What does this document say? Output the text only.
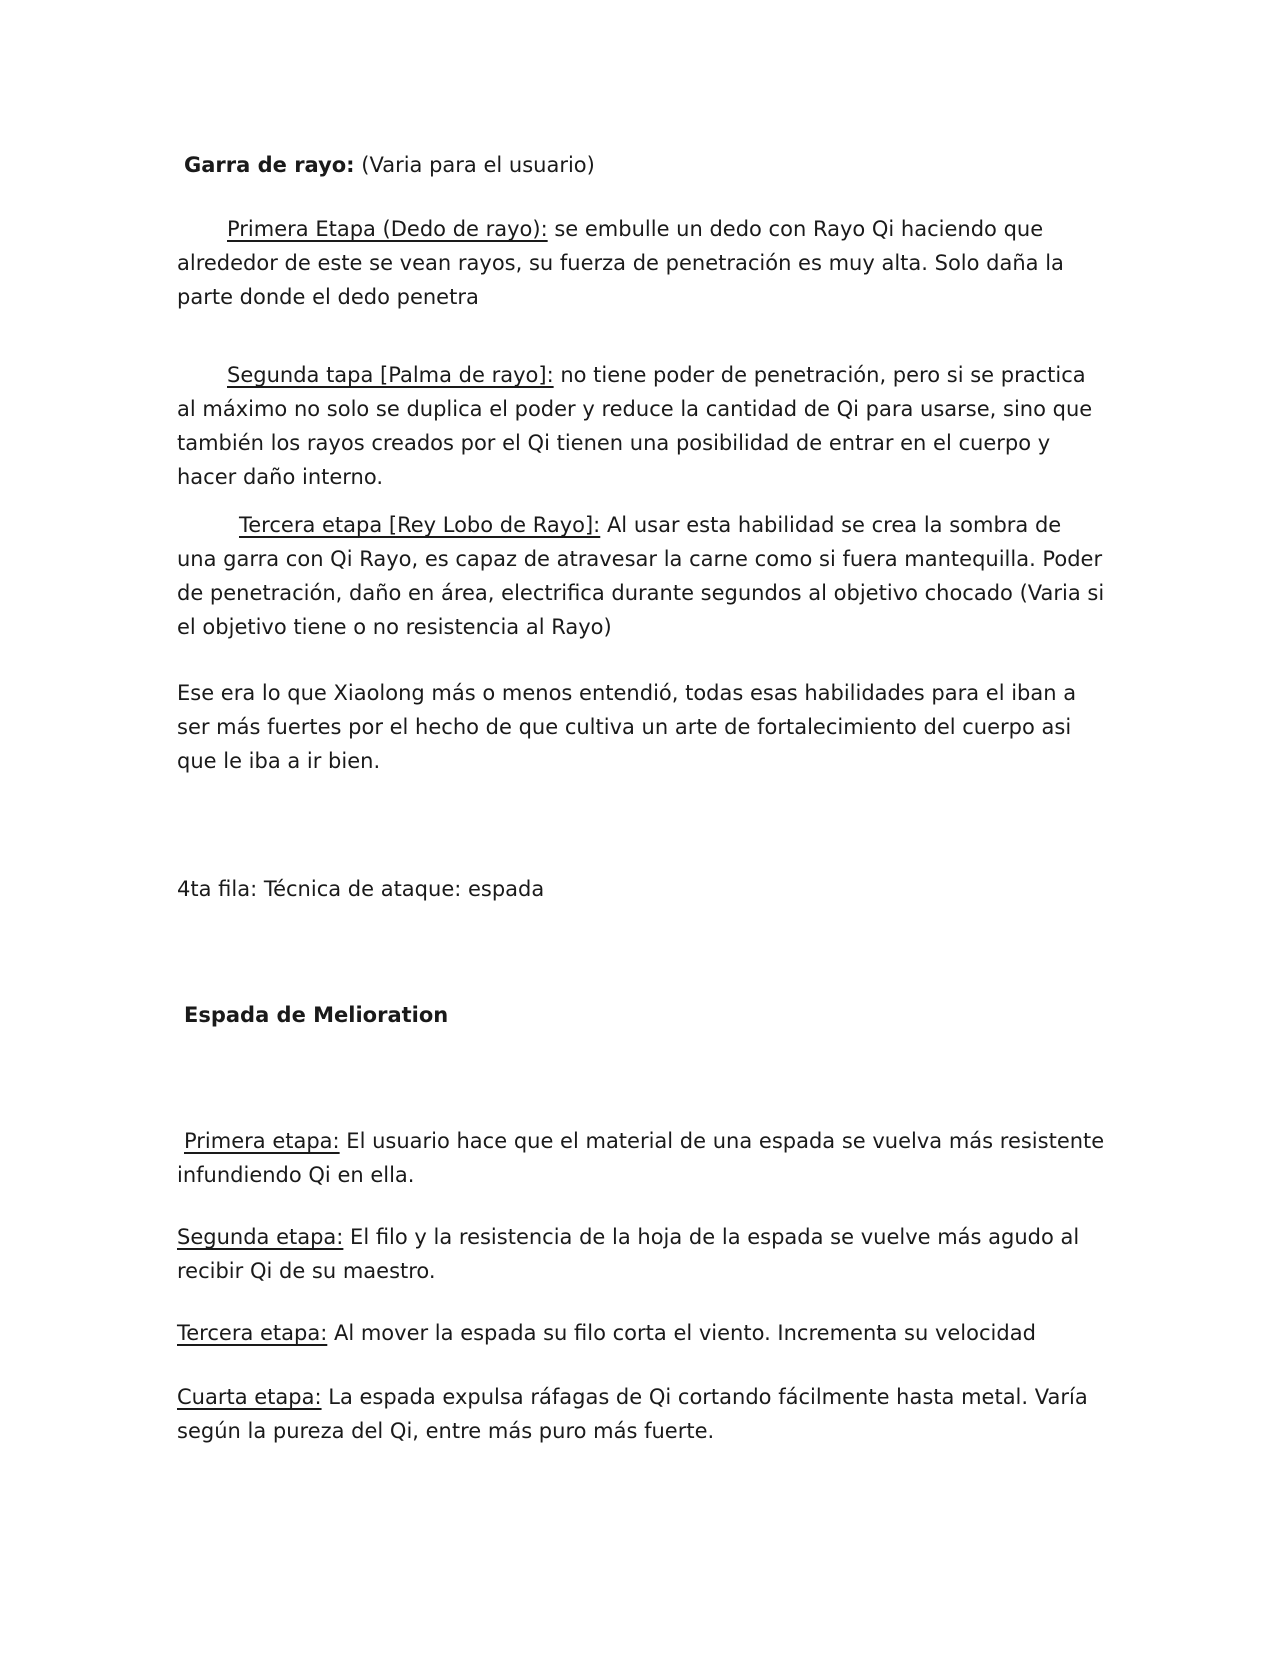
Garra de rayo: (Varia para el usuario)

Primera Etapa (Dedo de rayo): se embulle un dedo con Rayo Qi haciendo que alrededor de este se vean rayos, su fuerza de penetración es muy alta. Solo daña la parte donde el dedo penetra

Segunda tapa [Palma de rayo]: no tiene poder de penetración, pero si se practica al máximo no solo se duplica el poder y reduce la cantidad de Qi para usarse, sino que también los rayos creados por el Qi tienen una posibilidad de entrar en el cuerpo y hacer daño interno.

Tercera etapa [Rey Lobo de Rayo]: Al usar esta habilidad se crea la sombra de una garra con Qi Rayo, es capaz de atravesar la carne como si fuera mantequilla. Poder de penetración, daño en área, electrifica durante segundos al objetivo chocado (Varia si el objetivo tiene o no resistencia al Rayo)

Ese era lo que Xiaolong más o menos entendió, todas esas habilidades para el iban a ser más fuertes por el hecho de que cultiva un arte de fortalecimiento del cuerpo asi que le iba a ir bien.

4ta fila: Técnica de ataque: espada

Espada de Melioration

Primera etapa: El usuario hace que el material de una espada se vuelva más resistente infundiendo Qi en ella.

Segunda etapa: El filo y la resistencia de la hoja de la espada se vuelve más agudo al recibir Qi de su maestro.

Tercera etapa: Al mover la espada su filo corta el viento. Incrementa su velocidad

Cuarta etapa: La espada expulsa ráfagas de Qi cortando fácilmente hasta metal. Varía según la pureza del Qi, entre más puro más fuerte.
